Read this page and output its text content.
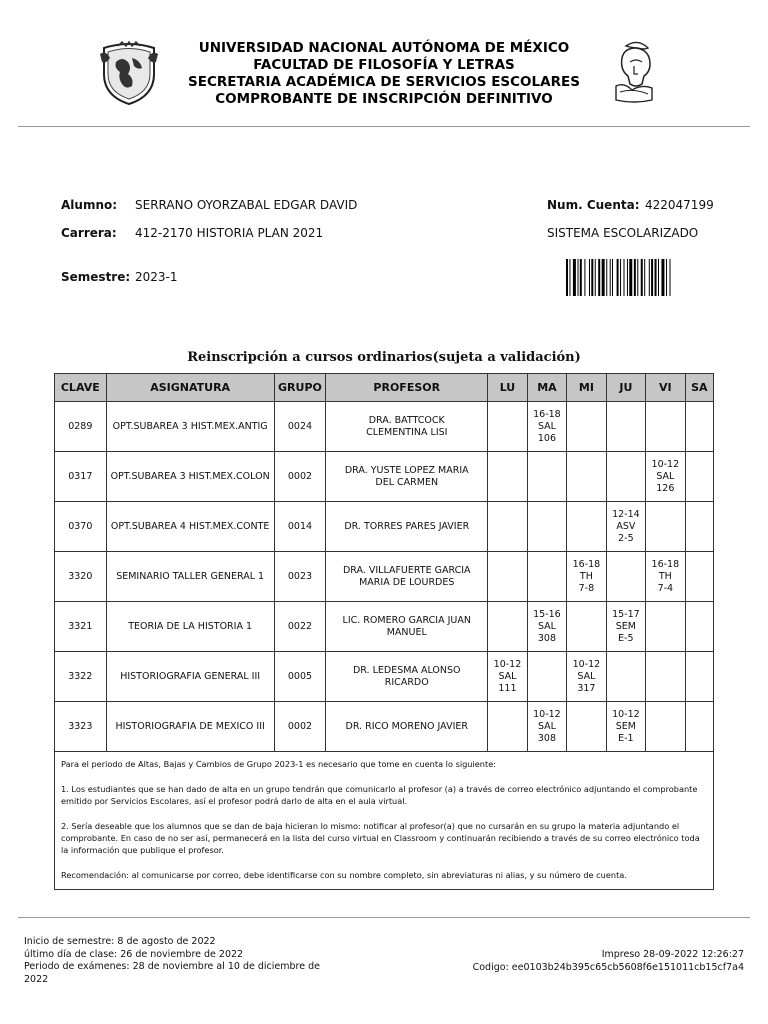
UNIVERSIDAD NACIONAL AUTÓNOMA DE MÉXICO
FACULTAD DE FILOSOFÍA Y LETRAS
SECRETARIA ACADÉMICA DE SERVICIOS ESCOLARES
COMPROBANTE DE INSCRIPCIÓN DEFINITIVO
Alumno: SERRANO OYORZABAL EDGAR DAVID	Num. Cuenta: 422047199
Carrera: 412-2170 HISTORIA PLAN 2021	SISTEMA ESCOLARIZADO
Semestre: 2023-1
Reinscripción a cursos ordinarios(sujeta a validación)
CLAVE	ASIGNATURA	GRUPO	PROFESOR	LU	MA	MI	JU	VI	SA
0289	OPT.SUBAREA 3 HIST.MEX.ANTIG	0024	DRA. BATTCOCK CLEMENTINA LISI		16-18
SAL
106				
0317	OPT.SUBAREA 3 HIST.MEX.COLON	0002	DRA. YUSTE LOPEZ MARIA DEL CARMEN					10-12
SAL
126	
0370	OPT.SUBAREA 4 HIST.MEX.CONTE	0014	DR. TORRES PARES JAVIER				12-14
ASV
2-5		
3320	SEMINARIO TALLER GENERAL 1	0023	DRA. VILLAFUERTE GARCIA MARIA DE LOURDES			16-18
TH
7-8		16-18
TH
7-4	
3321	TEORIA DE LA HISTORIA 1	0022	LIC. ROMERO GARCIA JUAN MANUEL		15-16
SAL
308		15-17
SEM
E-5		
3322	HISTORIOGRAFIA GENERAL III	0005	DR. LEDESMA ALONSO RICARDO	10-12
SAL
111		10-12
SAL
317			
3323	HISTORIOGRAFIA DE MEXICO III	0002	DR. RICO MORENO JAVIER		10-12
SAL
308		10-12
SEM
E-1		

Para el periodo de Altas, Bajas y Cambios de Grupo 2023-1 es necesario que tome en cuenta lo siguiente:

1. Los estudiantes que se han dado de alta en un grupo tendrán que comunicarlo al profesor (a) a través de correo electrónico adjuntando el comprobante emitido por Servicios Escolares, así el profesor podrá darlo de alta en el aula virtual.

2. Sería deseable que los alumnos que se dan de baja hicieran lo mismo: notificar al profesor(a) que no cursarán en su grupo la materia adjuntando el comprobante. En caso de no ser así, permanecerá en la lista del curso virtual en Classroom y continuarán recibiendo a través de su correo electrónico toda la información que publique el profesor.

Recomendación: al comunicarse por correo, debe identificarse con su nombre completo, sin abreviaturas ni alias, y su número de cuenta.									

Inicio de semestre: 8 de agosto de 2022
último día de clase: 26 de noviembre de 2022
Periodo de exámenes: 28 de noviembre al 10 de diciembre de 2022
Impreso 28-09-2022 12:26:27
Codigo: ee0103b24b395c65cb5608f6e151011cb15cf7a4
